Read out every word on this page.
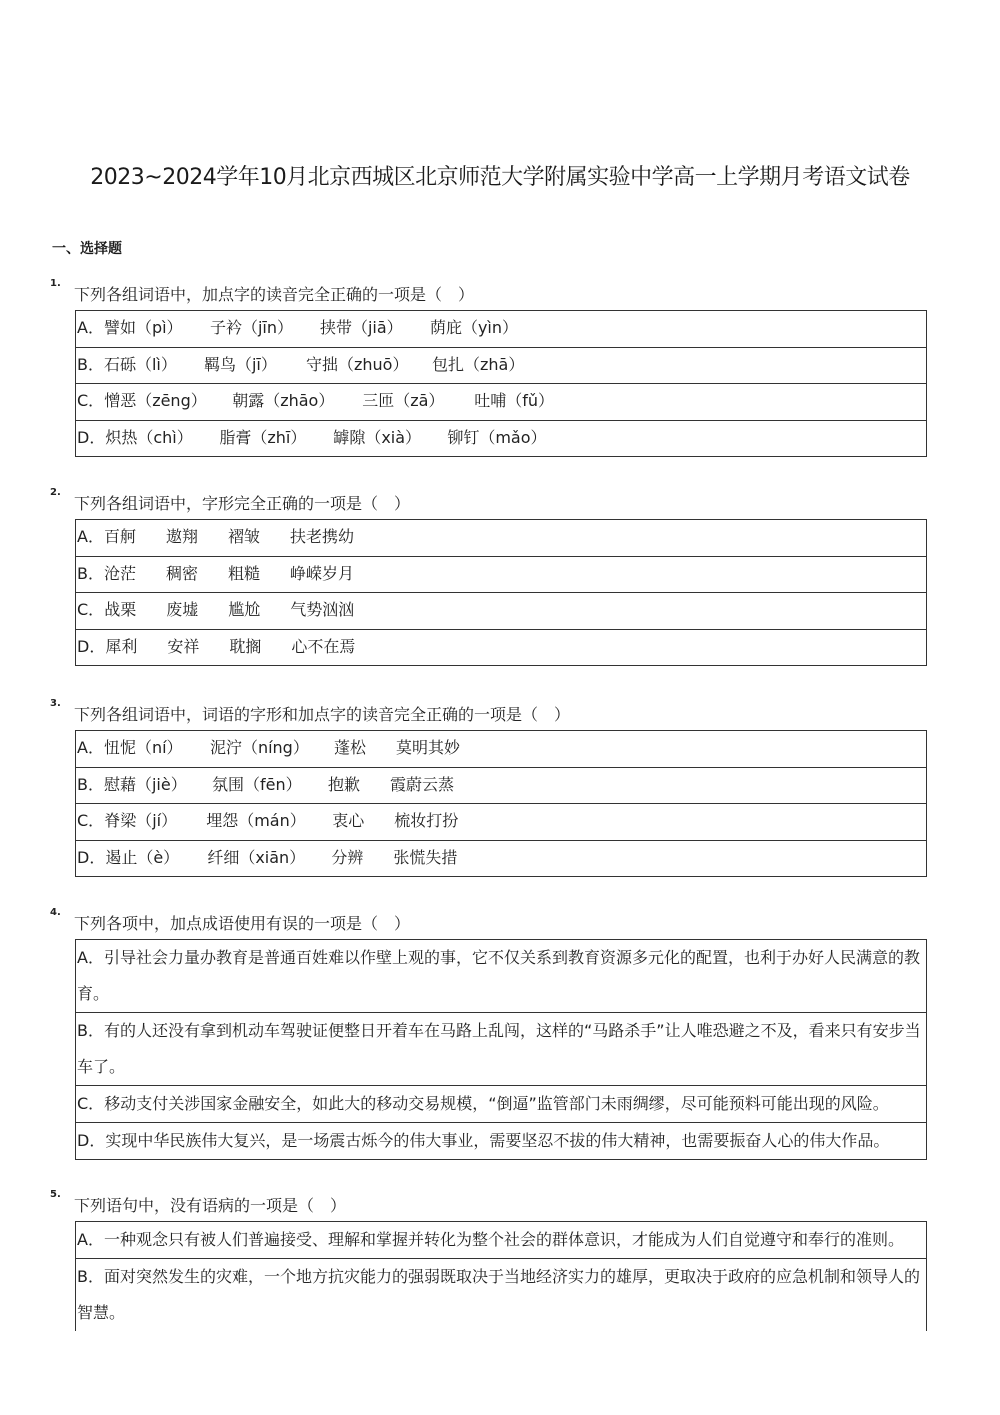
2023~2024学年10月北京西城区北京师范大学附属实验中学高一上学期月考语文试卷
一、选择题
1.
下列各组词语中，加点字的读音完全正确的一项是（　）
A．譬如（pì） 子衿（jīn） 挟带（jiā） 荫庇（yìn）
B．石砾（lì） 羁鸟（jī） 守拙（zhuō） 包扎（zhā）
C．憎恶（zēng） 朝露（zhāo） 三匝（zā） 吐哺（fǔ）
D．炽热（chì） 脂膏（zhī） 罅隙（xià） 铆钉（mǎo）
2.
下列各组词语中，字形完全正确的一项是（　）
A．百舸 遨翔 褶皱 扶老携幼
B．沧茫 稠密 粗糙 峥嵘岁月
C．战栗 废墟 尴尬 气势汹汹
D．犀利 安祥 耽搁 心不在焉
3.
下列各组词语中，词语的字形和加点字的读音完全正确的一项是（　）
A．忸怩（ní） 泥泞（níng） 蓬松 莫明其妙
B．慰藉（jiè） 氛围（fēn） 抱歉 霞蔚云蒸
C．脊梁（jí） 埋怨（mán） 衷心 梳妆打扮
D．遏止（è） 纤细（xiān） 分辨 张慌失措
4.
下列各项中，加点成语使用有误的一项是（　）
A．引导社会力量办教育是普通百姓难以作壁上观的事，它不仅关系到教育资源多元化的配置，也利于办好人民满意的教育。
B．有的人还没有拿到机动车驾驶证便整日开着车在马路上乱闯，这样的“马路杀手”让人唯恐避之不及，看来只有安步当车了。
C．移动支付关涉国家金融安全，如此大的移动交易规模，“倒逼”监管部门未雨绸缪，尽可能预料可能出现的风险。
D．实现中华民族伟大复兴，是一场震古烁今的伟大事业，需要坚忍不拔的伟大精神，也需要振奋人心的伟大作品。
5.
下列语句中，没有语病的一项是（　）
A．一种观念只有被人们普遍接受、理解和掌握并转化为整个社会的群体意识，才能成为人们自觉遵守和奉行的准则。
B．面对突然发生的灾难，一个地方抗灾能力的强弱既取决于当地经济实力的雄厚，更取决于政府的应急机制和领导人的智慧。
